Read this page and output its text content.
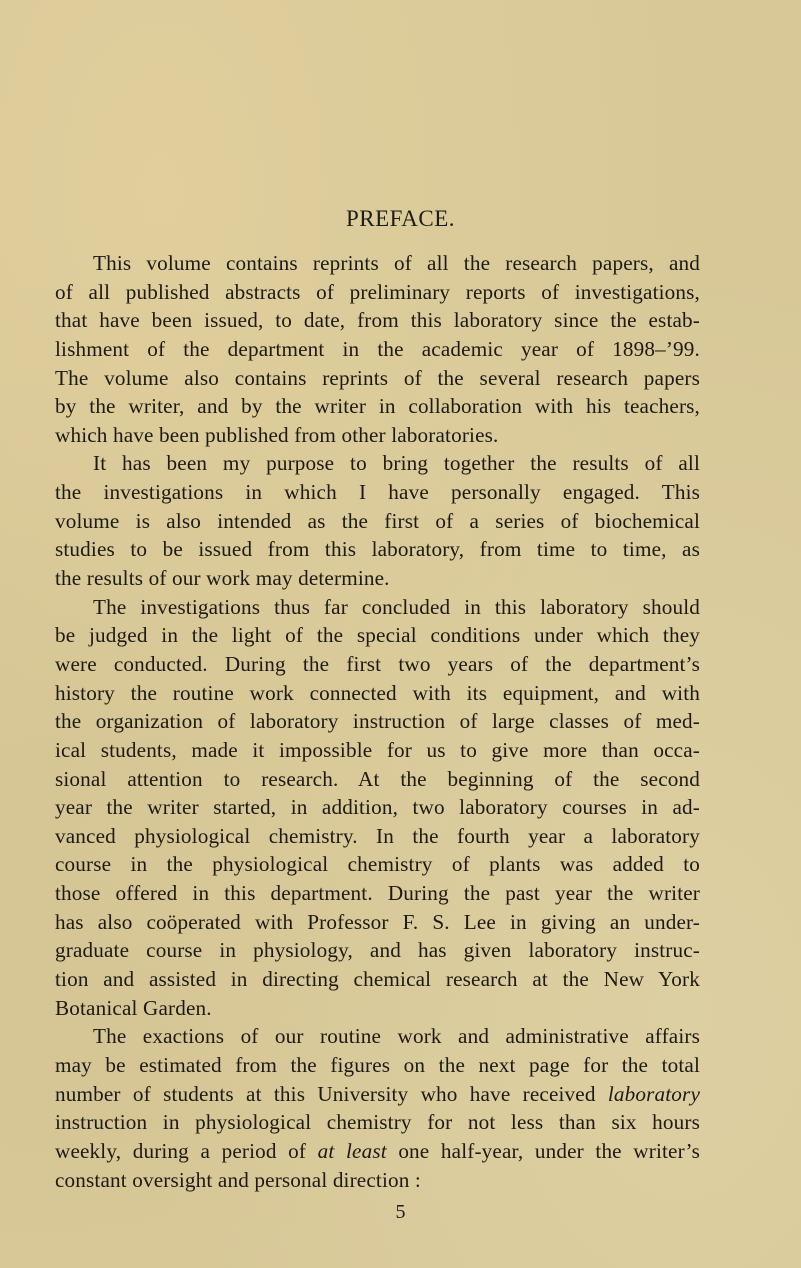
PREFACE.
This volume contains reprints of all the research papers, and
of all published abstracts of preliminary reports of investigations,
that have been issued, to date, from this laboratory since the estab-
lishment of the department in the academic year of 1898–’99.
The volume also contains reprints of the several research papers
by the writer, and by the writer in collaboration with his teachers,
which have been published from other laboratories.
It has been my purpose to bring together the results of all
the investigations in which I have personally engaged. This
volume is also intended as the first of a series of biochemical
studies to be issued from this laboratory, from time to time, as
the results of our work may determine.
The investigations thus far concluded in this laboratory should
be judged in the light of the special conditions under which they
were conducted. During the first two years of the department’s
history the routine work connected with its equipment, and with
the organization of laboratory instruction of large classes of med-
ical students, made it impossible for us to give more than occa-
sional attention to research. At the beginning of the second
year the writer started, in addition, two laboratory courses in ad-
vanced physiological chemistry. In the fourth year a laboratory
course in the physiological chemistry of plants was added to
those offered in this department. During the past year the writer
has also coöperated with Professor F. S. Lee in giving an under-
graduate course in physiology, and has given laboratory instruc-
tion and assisted in directing chemical research at the New York
Botanical Garden.
The exactions of our routine work and administrative affairs
may be estimated from the figures on the next page for the total
number of students at this University who have received laboratory
instruction in physiological chemistry for not less than six hours
weekly, during a period of at least one half-year, under the writer’s
constant oversight and personal direction :
5
